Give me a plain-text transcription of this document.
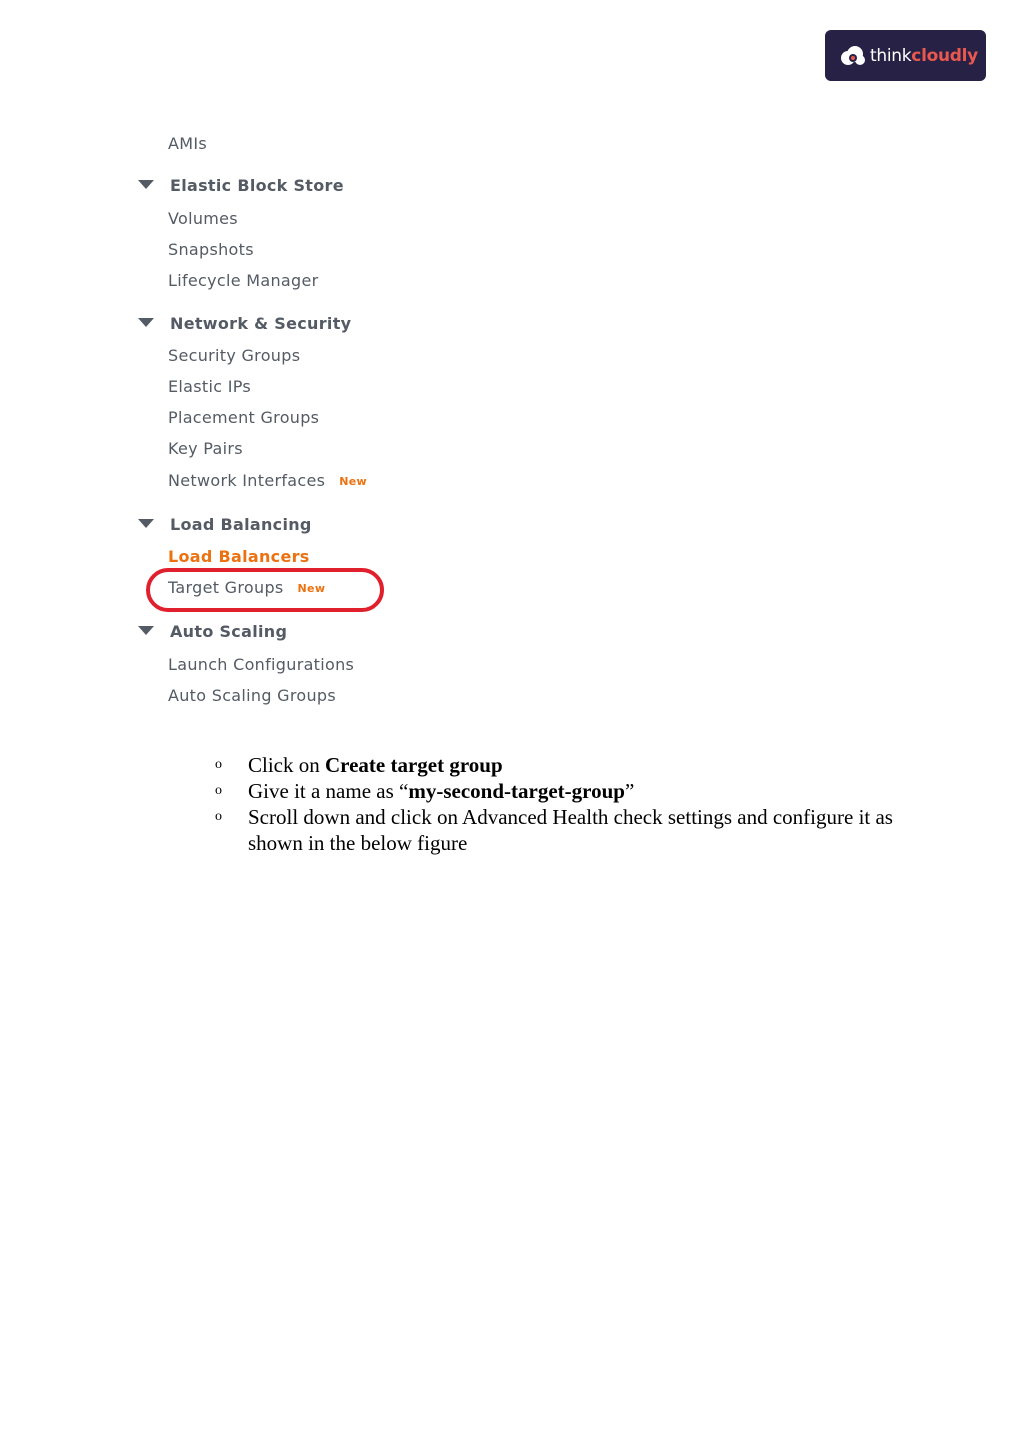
thinkcloudly
AMIs
Elastic Block Store
Volumes
Snapshots
Lifecycle Manager
Network & Security
Security Groups
Elastic IPs
Placement Groups
Key Pairs
Network Interfaces New
Load Balancing
Load Balancers
Target Groups New
Auto Scaling
Launch Configurations
Auto Scaling Groups
o Click on Create target group
o Give it a name as “my-second-target-group”
o Scroll down and click on Advanced Health check settings and configure it as shown in the below figure
